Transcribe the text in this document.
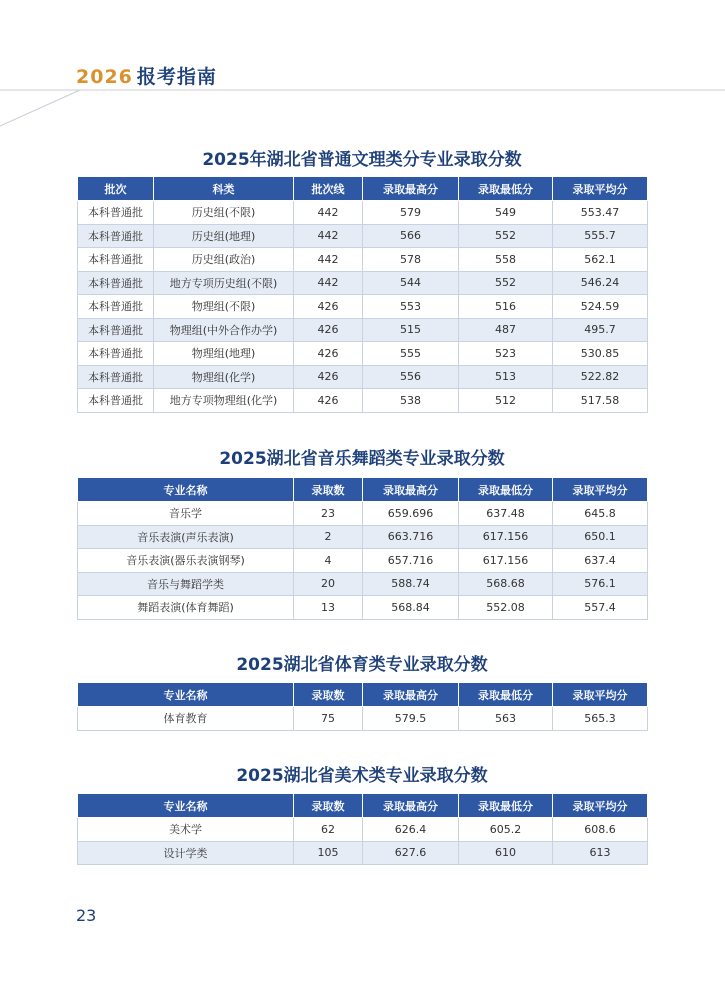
2026 报考指南
2025年湖北省普通文理类分专业录取分数
批次	科类	批次线	录取最高分	录取最低分	录取平均分
本科普通批	历史组(不限)	442	579	549	553.47
本科普通批	历史组(地理)	442	566	552	555.7
本科普通批	历史组(政治)	442	578	558	562.1
本科普通批	地方专项历史组(不限)	442	544	552	546.24
本科普通批	物理组(不限)	426	553	516	524.59
本科普通批	物理组(中外合作办学)	426	515	487	495.7
本科普通批	物理组(地理)	426	555	523	530.85
本科普通批	物理组(化学)	426	556	513	522.82
本科普通批	地方专项物理组(化学)	426	538	512	517.58
2025湖北省音乐舞蹈类专业录取分数
专业名称	录取数	录取最高分	录取最低分	录取平均分
音乐学	23	659.696	637.48	645.8
音乐表演(声乐表演)	2	663.716	617.156	650.1
音乐表演(器乐表演钢琴)	4	657.716	617.156	637.4
音乐与舞蹈学类	20	588.74	568.68	576.1
舞蹈表演(体育舞蹈)	13	568.84	552.08	557.4
2025湖北省体育类专业录取分数
专业名称	录取数	录取最高分	录取最低分	录取平均分
体育教育	75	579.5	563	565.3
2025湖北省美术类专业录取分数
专业名称	录取数	录取最高分	录取最低分	录取平均分
美术学	62	626.4	605.2	608.6
设计学类	105	627.6	610	613
23
